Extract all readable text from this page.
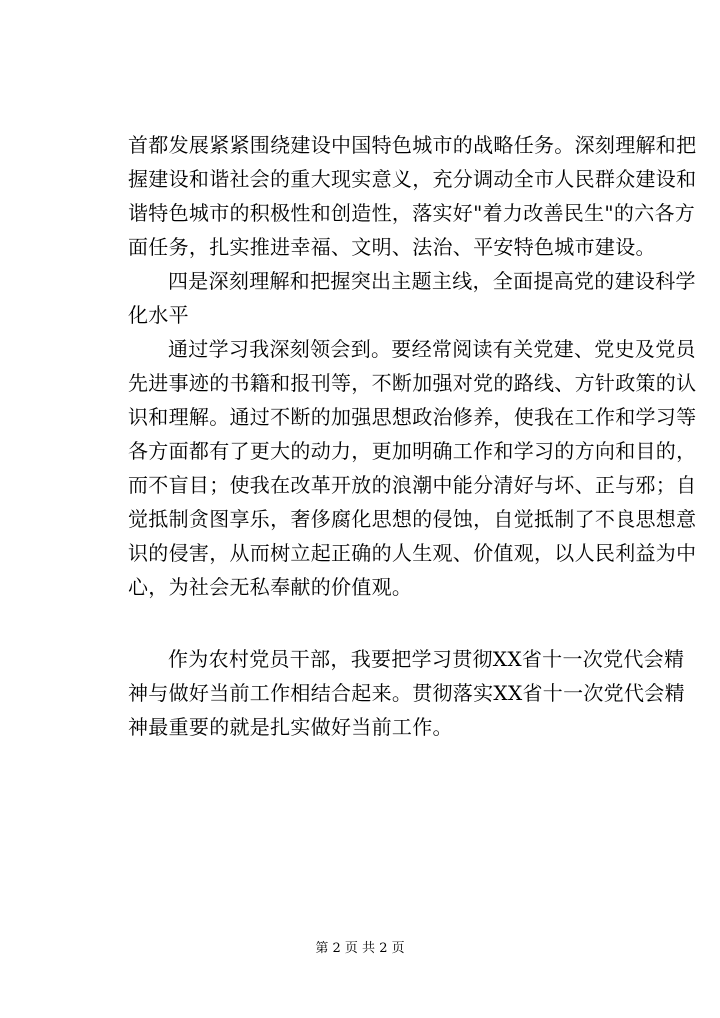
首都发展紧紧围绕建设中国特色城市的战略任务。深刻理解和把
握建设和谐社会的重大现实意义，充分调动全市人民群众建设和
谐特色城市的积极性和创造性，落实好"着力改善民生"的六各方
面任务，扎实推进幸福、文明、法治、平安特色城市建设。
四是深刻理解和把握突出主题主线，全面提高党的建设科学
化水平
通过学习我深刻领会到。要经常阅读有关党建、党史及党员
先进事迹的书籍和报刊等，不断加强对党的路线、方针政策的认
识和理解。通过不断的加强思想政治修养，使我在工作和学习等
各方面都有了更大的动力，更加明确工作和学习的方向和目的，
而不盲目；使我在改革开放的浪潮中能分清好与坏、正与邪；自
觉抵制贪图享乐，奢侈腐化思想的侵蚀，自觉抵制了不良思想意
识的侵害，从而树立起正确的人生观、价值观，以人民利益为中
心，为社会无私奉献的价值观。
作为农村党员干部，我要把学习贯彻XX省十一次党代会精
神与做好当前工作相结合起来。贯彻落实XX省十一次党代会精
神最重要的就是扎实做好当前工作。
第 2 页 共 2 页
